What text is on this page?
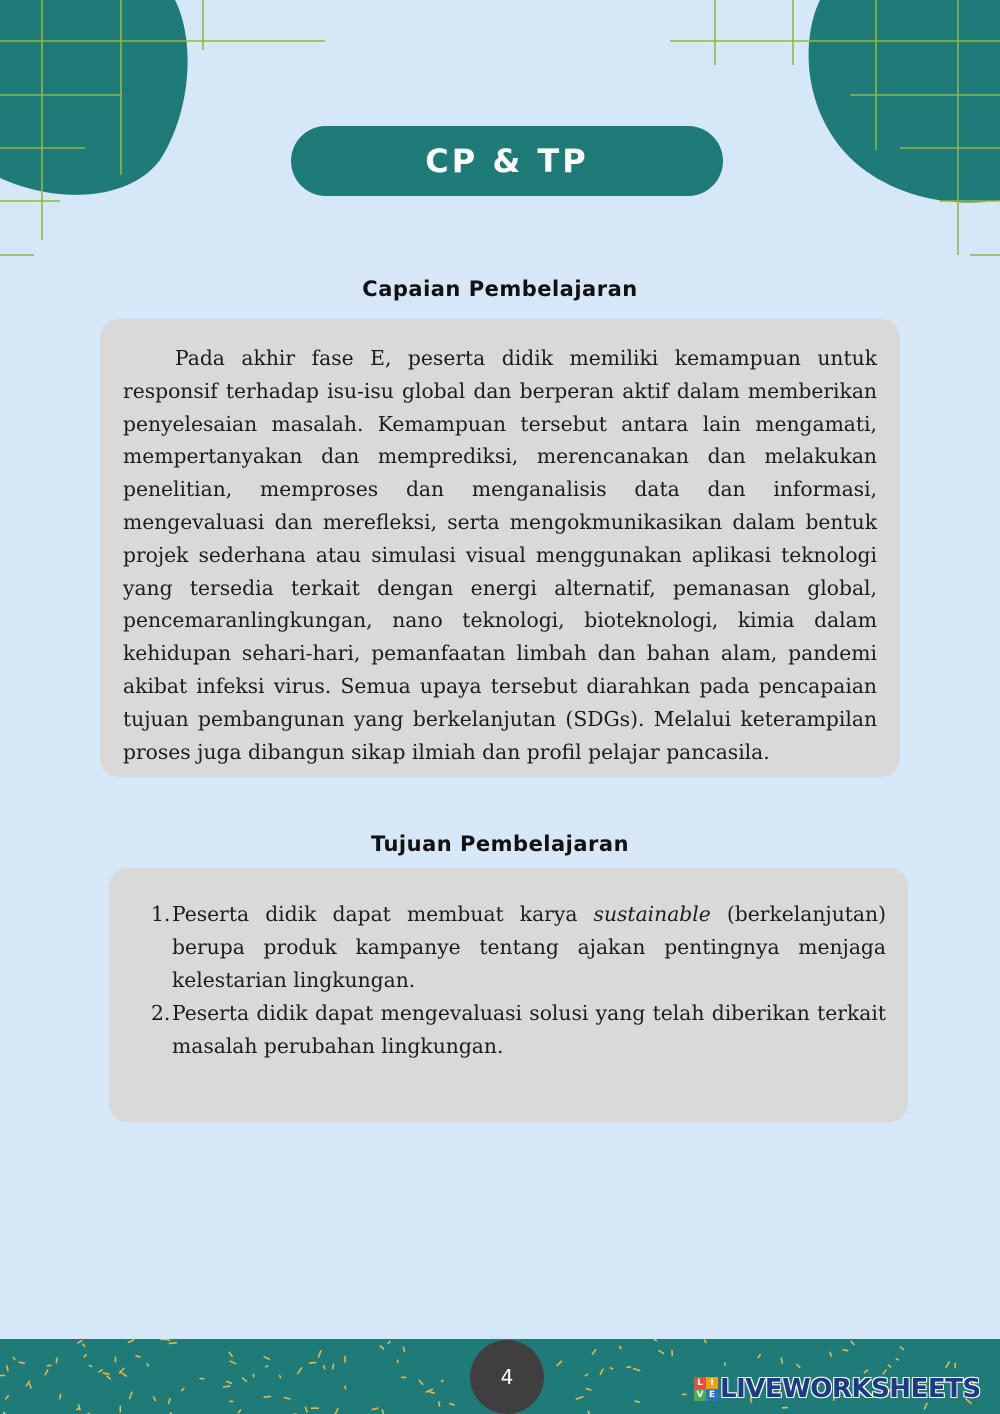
CP & TP
Capaian Pembelajaran

Pada akhir fase E, peserta didik memiliki kemampuan untuk responsif terhadap isu-isu global dan berperan aktif dalam memberikan penyelesaian masalah. Kemampuan tersebut antara lain mengamati, mempertanyakan dan memprediksi, merencanakan dan melakukan penelitian, memproses dan menganalisis data dan informasi, mengevaluasi dan merefleksi, serta mengokmunikasikan dalam bentuk projek sederhana atau simulasi visual menggunakan aplikasi teknologi yang tersedia terkait dengan energi alternatif, pemanasan global, pencemaranlingkungan, nano teknologi, bioteknologi, kimia dalam kehidupan sehari-hari, pemanfaatan limbah dan bahan alam, pandemi akibat infeksi virus. Semua upaya tersebut diarahkan pada pencapaian tujuan pembangunan yang berkelanjutan (SDGs). Melalui keterampilan proses juga dibangun sikap ilmiah dan profil pelajar pancasila.

Tujuan Pembelajaran
1. Peserta didik dapat membuat karya sustainable (berkelanjutan) berupa produk kampanye tentang ajakan pentingnya menjaga kelestarian lingkungan.
2. Peserta didik dapat mengevaluasi solusi yang telah diberikan terkait masalah perubahan lingkungan.
4	L I
V E LIVEWORKSHEETS
